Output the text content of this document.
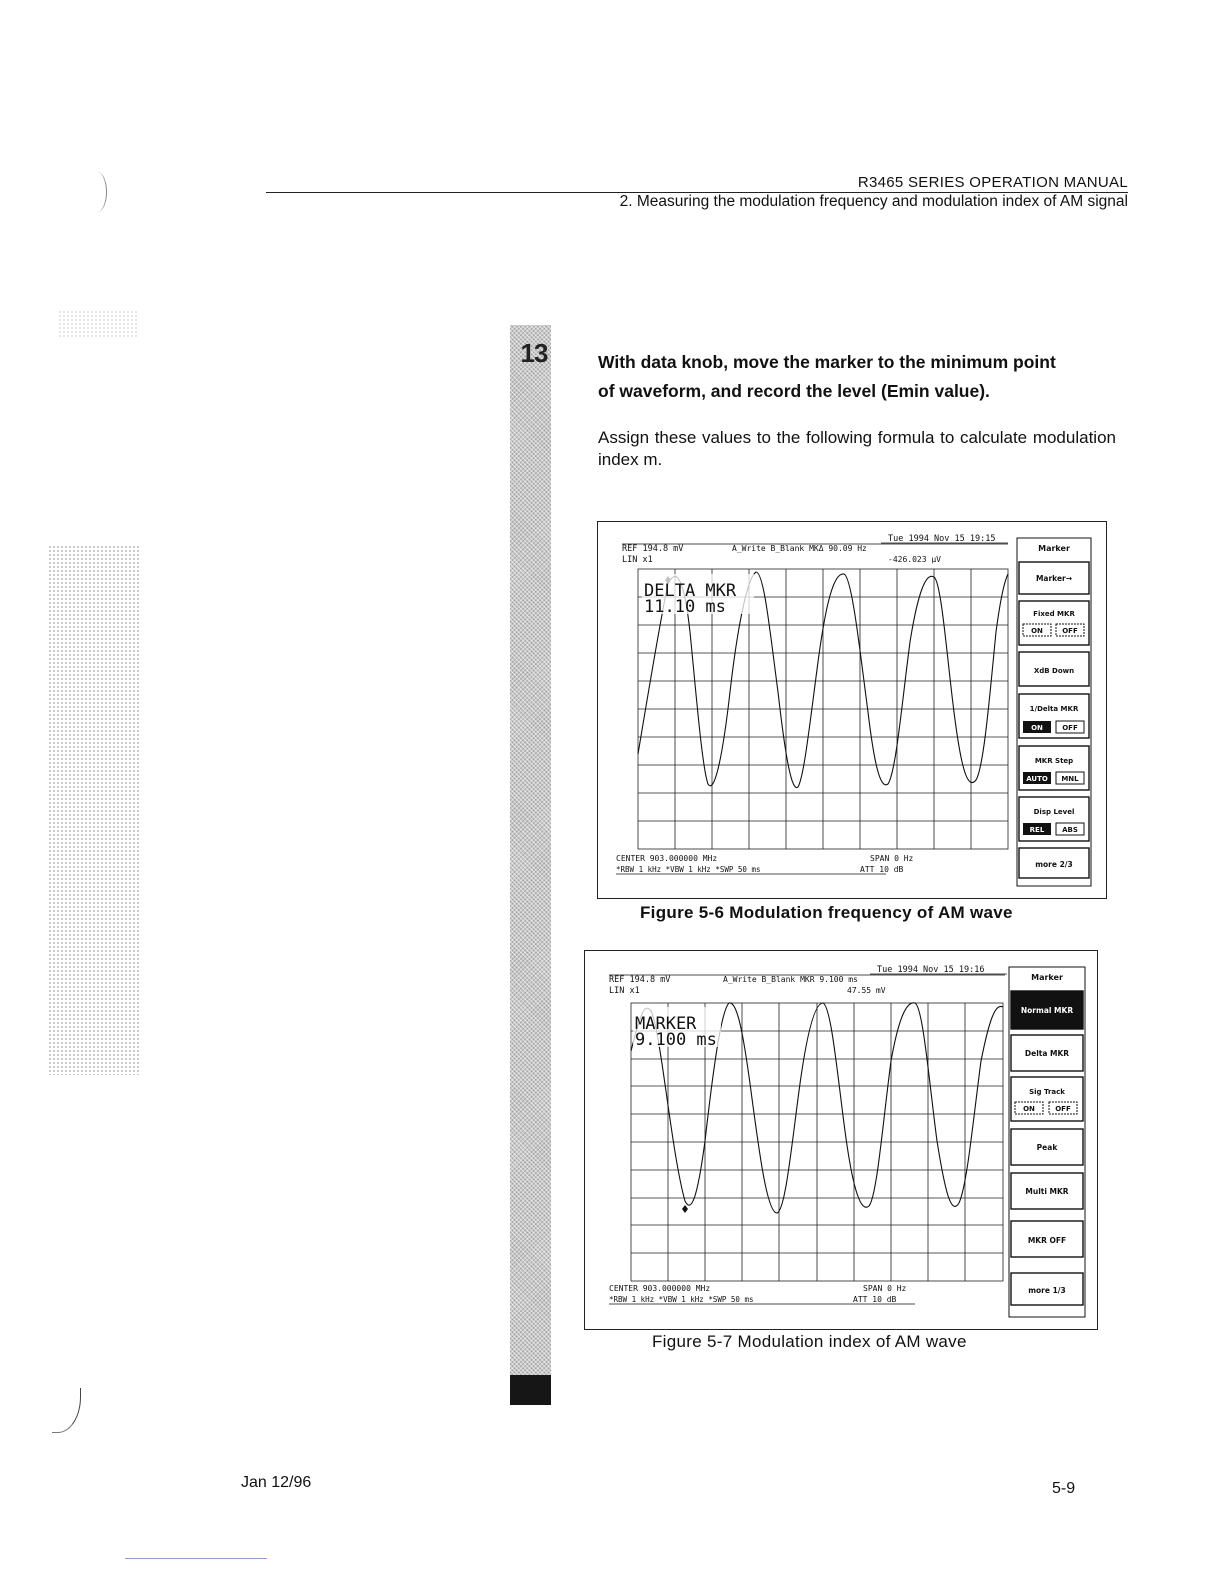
R3465 SERIES OPERATION MANUAL
2. Measuring the modulation frequency and modulation index of AM signal
13	With data knob, move the marker to the minimum point
of waveform, and record the level (Emin value).
Assign these values to the following formula to calculate modulation index m.
Tue 1994 Nov 15 19:15
REF 194.8 mV
LIN x1
A_Write B_Blank MKΔ 90.09 Hz
-426.023 μV
DELTA MKR
11.10 ms
CENTER 903.000000 MHz
*RBW 1 kHz *VBW 1 kHz *SWP 50 ms
SPAN 0 Hz
ATT 10 dB
Marker
Marker→
Fixed MKR
ON	OFF
XdB Down
1/Delta MKR
ON	OFF
MKR Step
AUTO MNL
Disp Level
REL	ABS
more 2/3
Figure 5-6 Modulation frequency of AM wave
Tue 1994 Nov 15 19:16
REF 194.8 mV
LIN x1
A_Write B_Blank MKR 9.100 ms
47.55 mV
MARKER
9.100 ms
CENTER 903.000000 MHz
*RBW 1 kHz *VBW 1 kHz *SWP 50 ms
SPAN 0 Hz
ATT 10 dB
Marker
Normal MKR
Delta MKR
Sig Track
ON	OFF
Peak
Multi MKR
MKR OFF
more 1/3
Figure 5-7 Modulation index of AM wave
Jan 12/96	5-9
